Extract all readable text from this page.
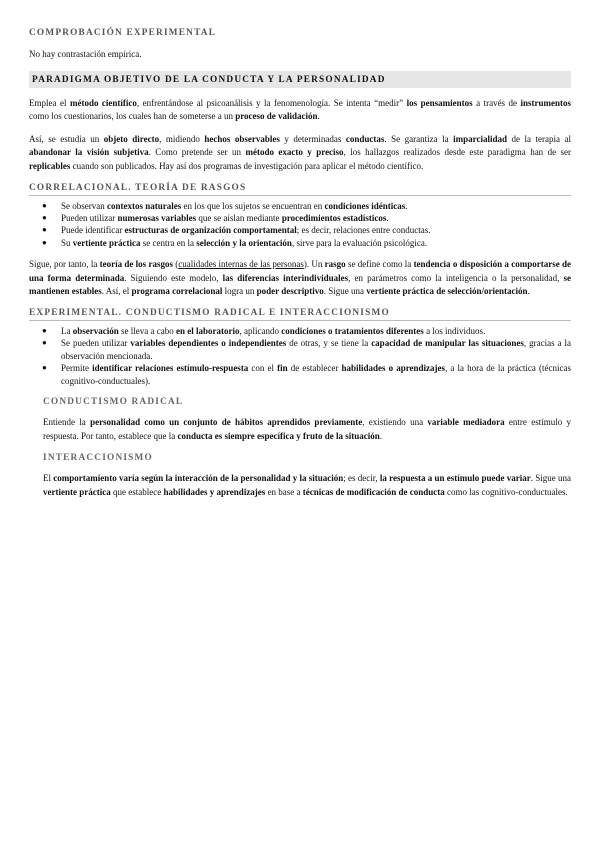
COMPROBACIÓN EXPERIMENTAL

No hay contrastación empírica.

PARADIGMA OBJETIVO DE LA CONDUCTA Y LA PERSONALIDAD

Emplea el método científico, enfrentándose al psicoanálisis y la fenomenología. Se intenta “medir” los pensamientos a través de instrumentos como los cuestionarios, los cuales han de someterse a un proceso de validación.

Así, se estudia un objeto directo, midiendo hechos observables y determinadas conductas. Se garantiza la imparcialidad de la terapia al abandonar la visión subjetiva. Como pretende ser un método exacto y preciso, los hallazgos realizados desde este paradigma han de ser replicables cuando son publicados. Hay así dos programas de investigación para aplicar el método científico.

CORRELACIONAL. TEORÍA DE RASGOS
● Se observan contextos naturales en los que los sujetos se encuentran en condiciones idénticas.
● Pueden utilizar numerosas variables que se aíslan mediante procedimientos estadísticos.
● Puede identificar estructuras de organización comportamental; es decir, relaciones entre conductas.
● Su vertiente práctica se centra en la selección y la orientación, sirve para la evaluación psicológica.

Sigue, por tanto, la teoría de los rasgos (cualidades internas de las personas). Un rasgo se define como la tendencia o disposición a comportarse de una forma determinada. Siguiendo este modelo, las diferencias interindividuales, en parámetros como la inteligencia o la personalidad, se mantienen estables. Así, el programa correlacional logra un poder descriptivo. Sigue una vertiente práctica de selección/orientación.

EXPERIMENTAL. CONDUCTISMO RADICAL E INTERACCIONISMO
● La observación se lleva a cabo en el laboratorio, aplicando condiciones o tratamientos diferentes a los individuos.
● Se pueden utilizar variables dependientes o independientes de otras, y se tiene la capacidad de manipular las situaciones, gracias a la observación mencionada.
● Permite identificar relaciones estímulo-respuesta con el fin de establecer habilidades o aprendizajes, a la hora de la práctica (técnicas cognitivo-conductuales).
CONDUCTISMO RADICAL

Entiende la personalidad como un conjunto de hábitos aprendidos previamente, existiendo una variable mediadora entre estímulo y respuesta. Por tanto, establece que la conducta es siempre específica y fruto de la situación.

INTERACCIONISMO

El comportamiento varía según la interacción de la personalidad y la situación; es decir, la respuesta a un estímulo puede variar. Sigue una vertiente práctica que establece habilidades y aprendizajes en base a técnicas de modificación de conducta como las cognitivo-conductuales.
